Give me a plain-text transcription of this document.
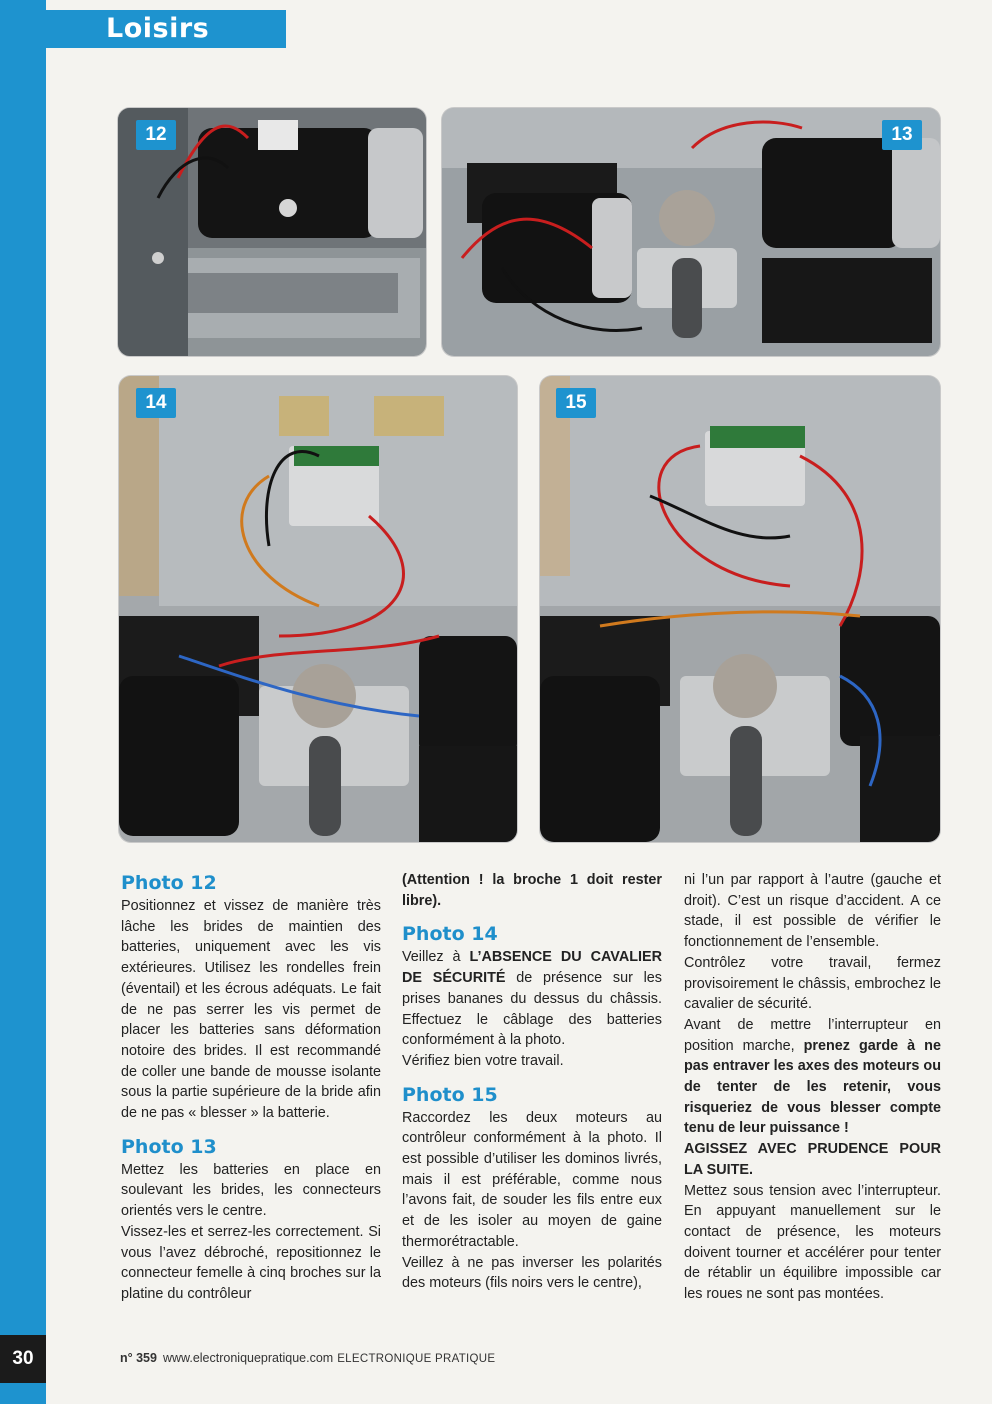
Loisirs
12	13
14	15

Photo 12

Positionnez et vissez de manière très lâche les brides de maintien des batteries, uniquement avec les vis extérieures. Utilisez les rondelles frein (éventail) et les écrous adéquats. Le fait de ne pas serrer les vis permet de placer les batteries sans déformation notoire des brides. Il est recommandé de coller une bande de mousse isolante sous la partie supérieure de la bride afin de ne pas « blesser » la batterie.

Photo 13

Mettez les batteries en place en soulevant les brides, les connecteurs orientés vers le centre.

Vissez-les et serrez-les correctement. Si vous l’avez débroché, repositionnez le connecteur femelle à cinq broches sur la platine du contrôleur

(Attention ! la broche 1 doit rester libre).

Photo 14

Veillez à L’ABSENCE DU CAVALIER DE SÉCURITÉ de présence sur les prises bananes du dessus du châssis. Effectuez le câblage des batteries conformément à la photo.

Vérifiez bien votre travail.

Photo 15

Raccordez les deux moteurs au contrôleur conformément à la photo. Il est possible d’utiliser les dominos livrés, mais il est préférable, comme nous l’avons fait, de souder les fils entre eux et de les isoler au moyen de gaine thermorétractable.

Veillez à ne pas inverser les polarités des moteurs (fils noirs vers le centre),

ni l’un par rapport à l’autre (gauche et droit). C’est un risque d’accident. A ce stade, il est possible de vérifier le fonctionnement de l’ensemble.

Contrôlez votre travail, fermez provisoirement le châssis, embrochez le cavalier de sécurité.

Avant de mettre l’interrupteur en position marche, prenez garde à ne pas entraver les axes des moteurs ou de tenter de les retenir, vous risqueriez de vous blesser compte tenu de leur puissance !

AGISSEZ AVEC PRUDENCE POUR LA SUITE.

Mettez sous tension avec l’interrupteur. En appuyant manuellement sur le contact de présence, les moteurs doivent tourner et accélérer pour tenter de rétablir un équilibre impossible car les roues ne sont pas montées.

30	n° 359 www.electroniquepratique.com ELECTRONIQUE PRATIQUE
